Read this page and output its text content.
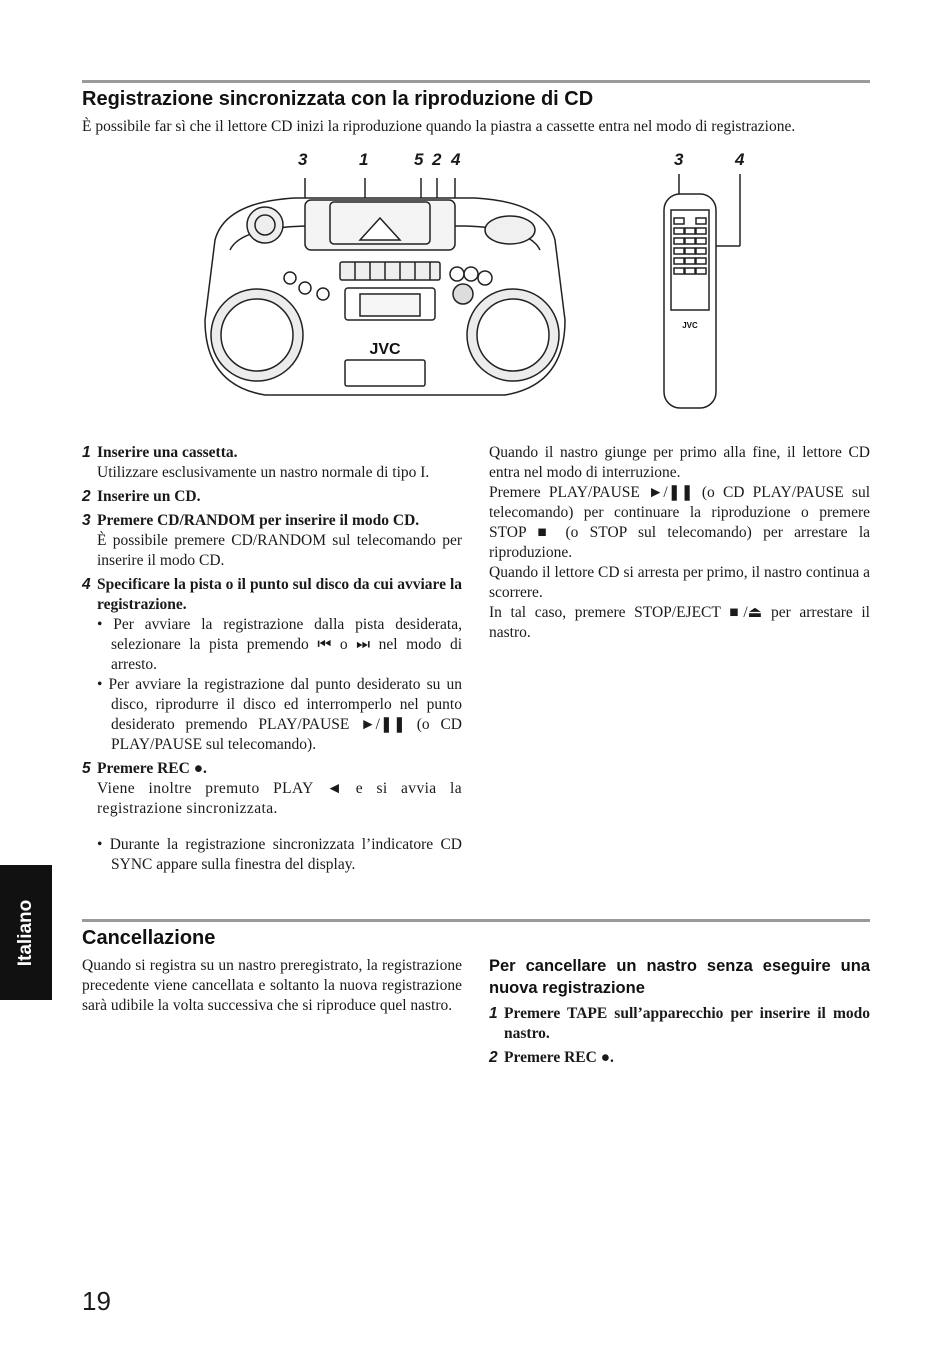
Registrazione sincronizzata con la riproduzione di CD
È possibile far sì che il lettore CD inizi la riproduzione quando la piastra a cassette entra nel modo di registrazione.
3	1	5 2 4	3	4
JVC
JVC
1 Inserire una cassetta.
Utilizzare esclusivamente un nastro normale di tipo I.
2 Inserire un CD.
3 Premere CD/RANDOM per inserire il modo CD.
È possibile premere CD/RANDOM sul telecomando per inserire il modo CD.
4 Specificare la pista o il punto sul disco da cui avviare la registrazione.
• Per avviare la registrazione dalla pista desiderata, selezionare la pista premendo ⏮ o ⏭ nel modo di arresto.
• Per avviare la registrazione dal punto desiderato su un disco, riprodurre il disco ed interromperlo nel punto desiderato premendo PLAY/PAUSE ►/❚❚ (o CD PLAY/PAUSE sul telecomando).
5 Premere REC ●.
Viene inoltre premuto PLAY ◄ e si avvia la registrazione sincronizzata.
• Durante la registrazione sincronizzata l’indicatore CD SYNC appare sulla finestra del display.
Quando il nastro giunge per primo alla fine, il lettore CD entra nel modo di interruzione.
Premere PLAY/PAUSE ►/❚❚ (o CD PLAY/PAUSE sul telecomando) per continuare la riproduzione o premere STOP ■ (o STOP sul telecomando) per arrestare la riproduzione.
Quando il lettore CD si arresta per primo, il nastro continua a scorrere.
In tal caso, premere STOP/EJECT ■/⏏ per arrestare il nastro.
Italiano Cancellazione
Quando si registra su un nastro preregistrato, la registrazione precedente viene cancellata e soltanto la nuova registrazione sarà udibile la volta successiva che si riproduce quel nastro.
Per cancellare un nastro senza eseguire una nuova registrazione
1 Premere TAPE sull’apparecchio per inserire il modo nastro.
2 Premere REC ●.
19
